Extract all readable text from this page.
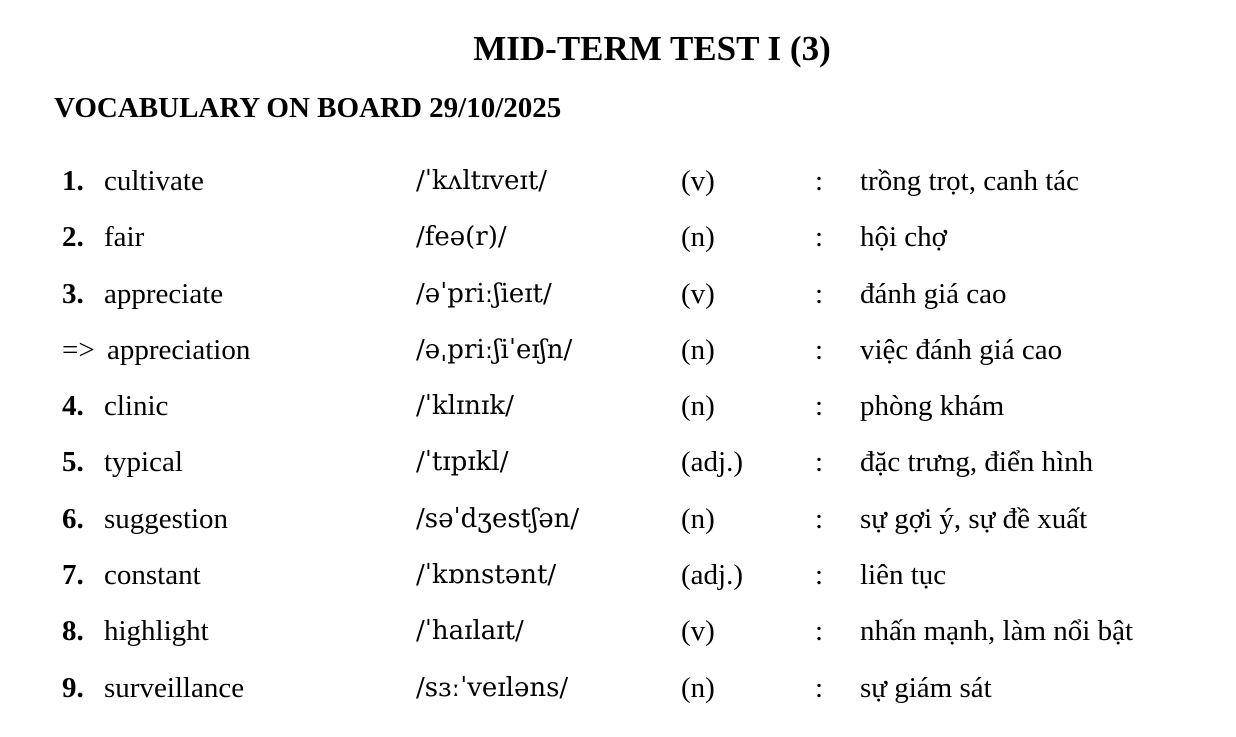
MID-TERM TEST I (3)
VOCABULARY ON BOARD 29/10/2025
1. cultivate	/ˈkʌltɪveɪt/	(v)	: trồng trọt, canh tác
2. fair	/feə(r)/	(n)	: hội chợ
3. appreciate	/əˈpriːʃieɪt/	(v)	: đánh giá cao
=> appreciation	/əˌpriːʃiˈeɪʃn/	(n)	: việc đánh giá cao
4. clinic	/ˈklɪnɪk/	(n)	: phòng khám
5. typical	/ˈtɪpɪkl/	(adj.) : đặc trưng, điển hình
6. suggestion	/səˈdʒestʃən/	(n)	: sự gợi ý, sự đề xuất
7. constant	/ˈkɒnstənt/	(adj.) : liên tục
8. highlight	/ˈhaɪlaɪt/	(v)	: nhấn mạnh, làm nổi bật
9. surveillance	/sɜːˈveɪləns/	(n)	: sự giám sát
